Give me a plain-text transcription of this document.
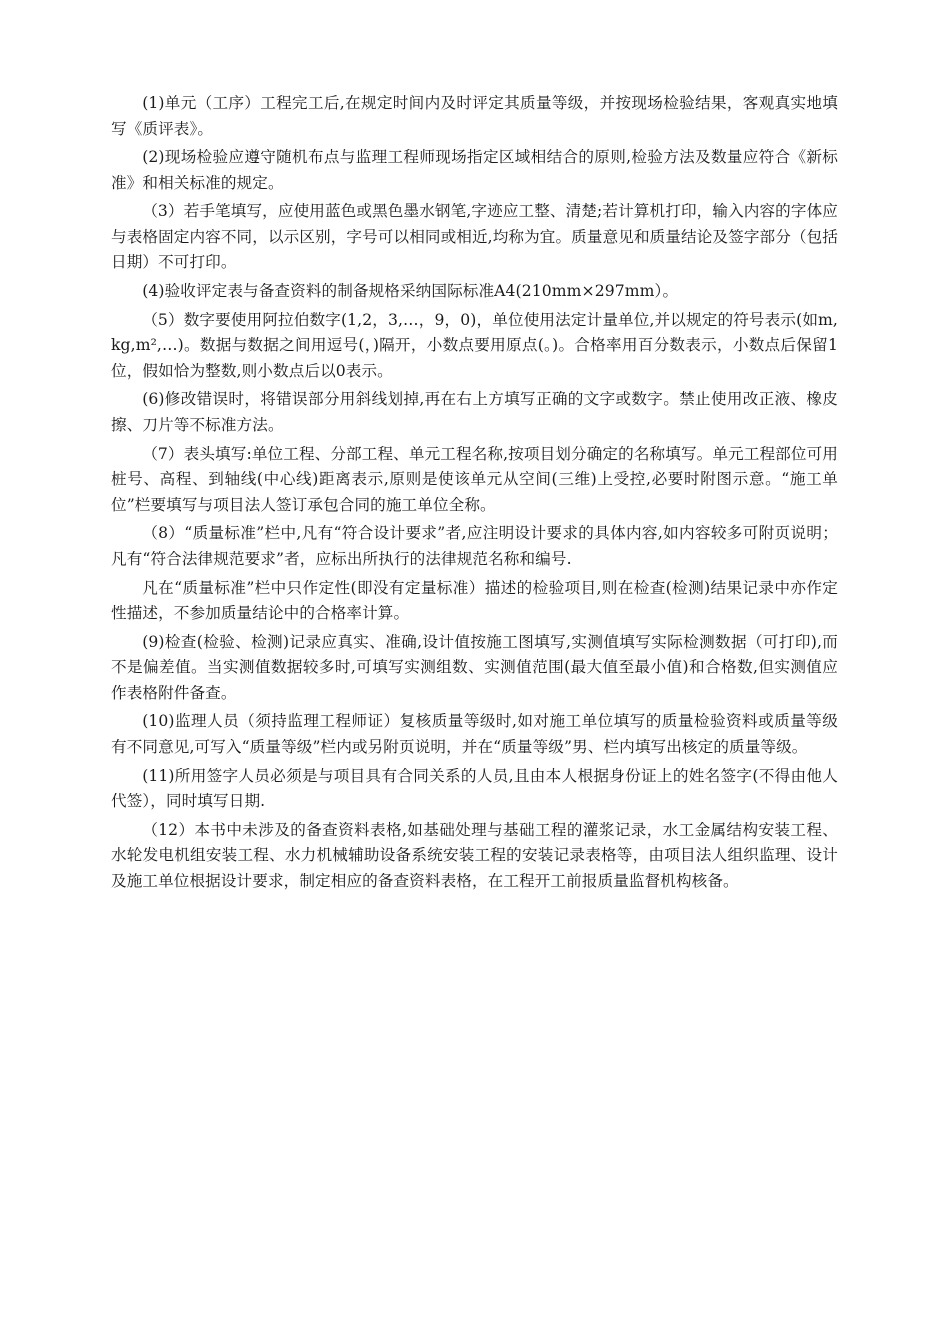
(1)单元（工序）工程完工后,在规定时间内及时评定其质量等级，并按现场检验结果，客观真实地填写《质评表》。

(2)现场检验应遵守随机布点与监理工程师现场指定区域相结合的原则,检验方法及数量应符合《新标准》和相关标准的规定。

（3）若手笔填写，应使用蓝色或黑色墨水钢笔,字迹应工整、清楚;若计算机打印，输入内容的字体应与表格固定内容不同，以示区别，字号可以相同或相近,均称为宜。质量意见和质量结论及签字部分（包括日期）不可打印。

(4)验收评定表与备查资料的制备规格采纳国际标准A4(210mm×297mm）。

（5）数字要使用阿拉伯数字(1,2，3,…，9，0)，单位使用法定计量单位,并以规定的符号表示(如m,kg,m²,…)。数据与数据之间用逗号(，)隔开，小数点要用原点(。)。合格率用百分数表示，小数点后保留1位，假如恰为整数,则小数点后以0表示。

(6)修改错误时，将错误部分用斜线划掉,再在右上方填写正确的文字或数字。禁止使用改正液、橡皮擦、刀片等不标准方法。

（7）表头填写:单位工程、分部工程、单元工程名称,按项目划分确定的名称填写。单元工程部位可用桩号、高程、到轴线(中心线)距离表示,原则是使该单元从空间(三维)上受控,必要时附图示意。“施工单位”栏要填写与项目法人签订承包合同的施工单位全称。

（8）“质量标准”栏中,凡有“符合设计要求”者,应注明设计要求的具体内容,如内容较多可附页说明；凡有“符合法律规范要求”者，应标出所执行的法律规范名称和编号.

凡在“质量标准”栏中只作定性(即没有定量标准）描述的检验项目,则在检查(检测)结果记录中亦作定性描述，不参加质量结论中的合格率计算。

(9)检查(检验、检测)记录应真实、准确,设计值按施工图填写,实测值填写实际检测数据（可打印),而不是偏差值。当实测值数据较多时,可填写实测组数、实测值范围(最大值至最小值)和合格数,但实测值应作表格附件备查。

(10)监理人员（须持监理工程师证）复核质量等级时,如对施工单位填写的质量检验资料或质量等级有不同意见,可写入“质量等级”栏内或另附页说明，并在“质量等级”男、栏内填写出核定的质量等级。

(11)所用签字人员必须是与项目具有合同关系的人员,且由本人根据身份证上的姓名签字(不得由他人代签），同时填写日期.

（12）本书中未涉及的备查资料表格,如基础处理与基础工程的灌浆记录，水工金属结构安装工程、水轮发电机组安装工程、水力机械辅助设备系统安装工程的安装记录表格等，由项目法人组织监理、设计及施工单位根据设计要求，制定相应的备查资料表格，在工程开工前报质量监督机构核备。
